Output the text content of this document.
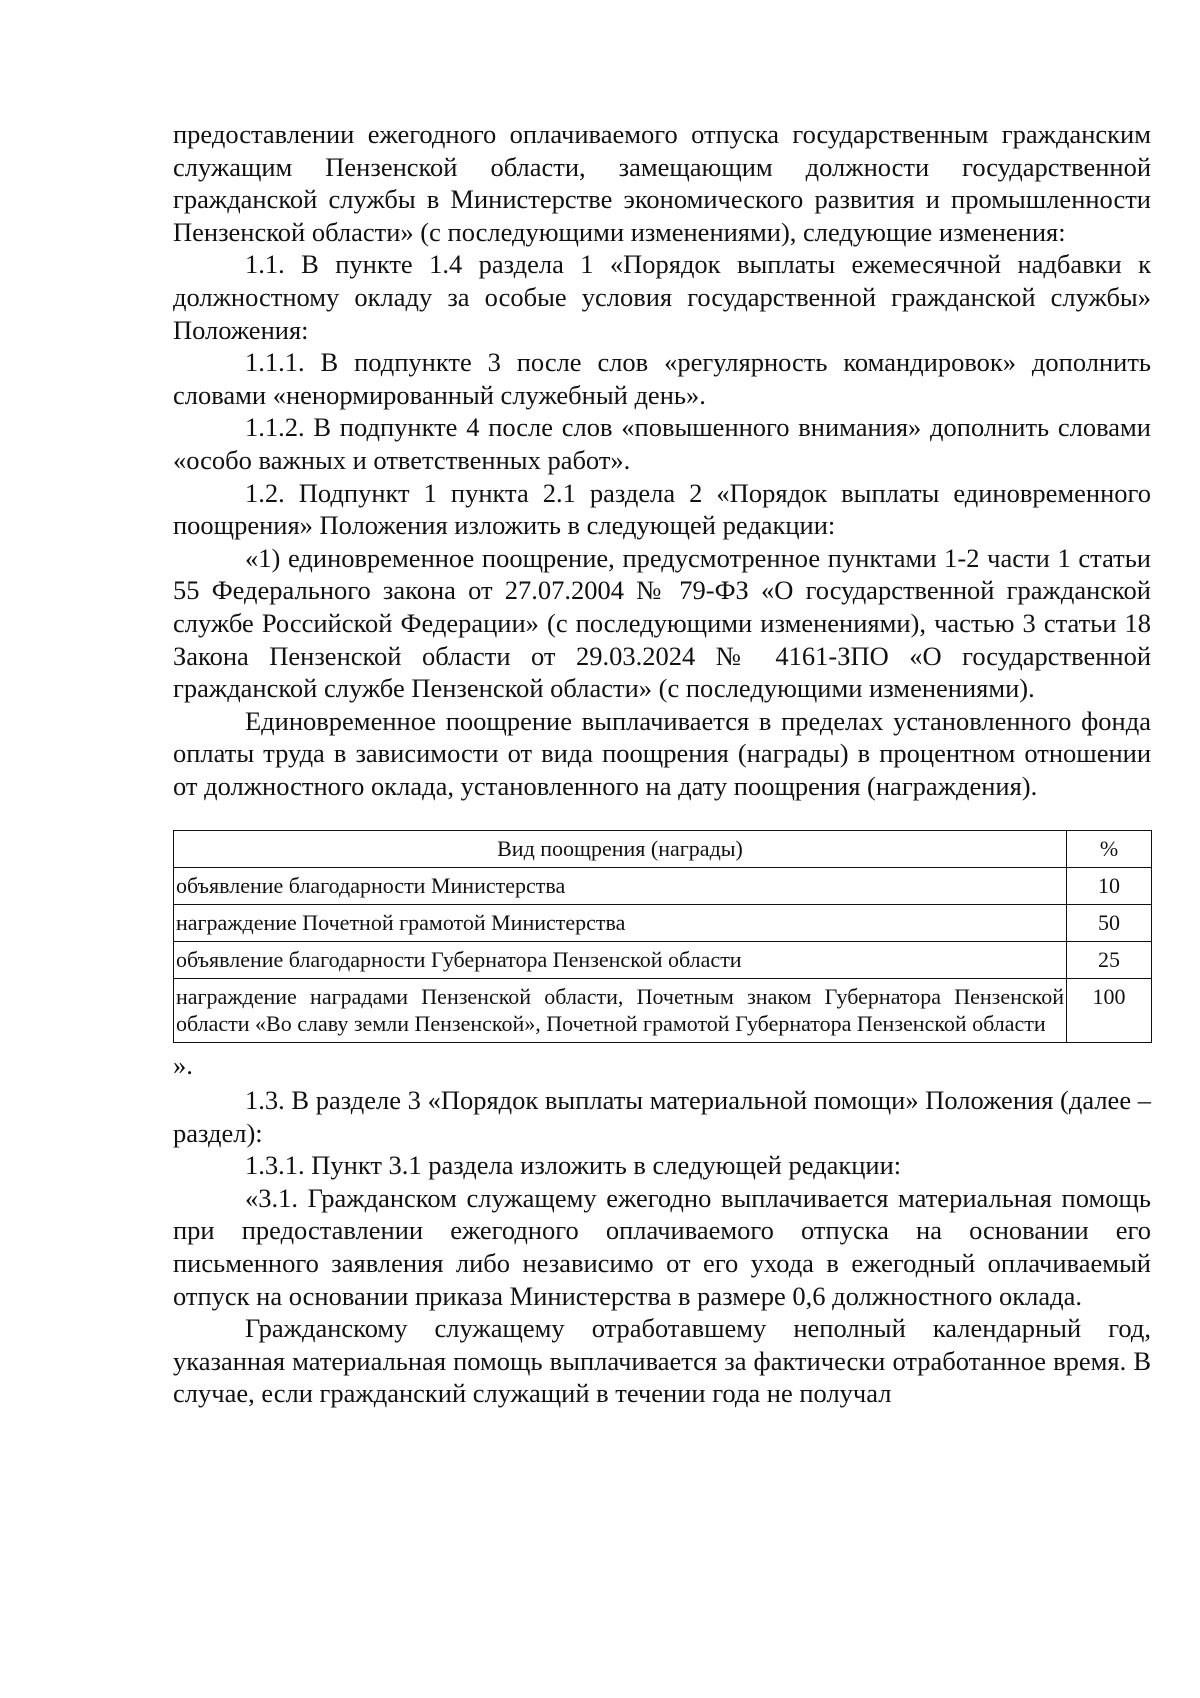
предоставлении ежегодного оплачиваемого отпуска государственным гражданским служащим Пензенской области, замещающим должности государственной гражданской службы в Министерстве экономического развития и промышленности Пензенской области» (с последующими изменениями), следующие изменения:

1.1. В пункте 1.4 раздела 1 «Порядок выплаты ежемесячной надбавки к должностному окладу за особые условия государственной гражданской службы» Положения:

1.1.1. В подпункте 3 после слов «регулярность командировок» дополнить словами «ненормированный служебный день».

1.1.2. В подпункте 4 после слов «повышенного внимания» дополнить словами «особо важных и ответственных работ».

1.2. Подпункт 1 пункта 2.1 раздела 2 «Порядок выплаты единовременного поощрения» Положения изложить в следующей редакции:

«1) единовременное поощрение, предусмотренное пунктами 1-2 части 1 статьи 55 Федерального закона от 27.07.2004 № 79-ФЗ «О государственной гражданской службе Российской Федерации» (с последующими изменениями), частью 3 статьи 18 Закона Пензенской области от 29.03.2024 № 4161-ЗПО «О государственной гражданской службе Пензенской области» (с последующими изменениями).

Единовременное поощрение выплачивается в пределах установленного фонда оплаты труда в зависимости от вида поощрения (награды) в процентном отношении от должностного оклада, установленного на дату поощрения (награждения).

Вид поощрения (награды)	%
объявление благодарности Министерства	10
награждение Почетной грамотой Министерства	50
объявление благодарности Губернатора Пензенской области	25
награждение наградами Пензенской области, Почетным знаком Губернатора Пензенской области «Во славу земли Пензенской», Почетной грамотой Губернатора Пензенской области	100

».

1.3. В разделе 3 «Порядок выплаты материальной помощи» Положения (далее – раздел):

1.3.1. Пункт 3.1 раздела изложить в следующей редакции:

«3.1. Гражданском служащему ежегодно выплачивается материальная помощь при предоставлении ежегодного оплачиваемого отпуска на основании его письменного заявления либо независимо от его ухода в ежегодный оплачиваемый отпуск на основании приказа Министерства в размере 0,6 должностного оклада.

Гражданскому служащему отработавшему неполный календарный год, указанная материальная помощь выплачивается за фактически отработанное время. В случае, если гражданский служащий в течении года не получал
